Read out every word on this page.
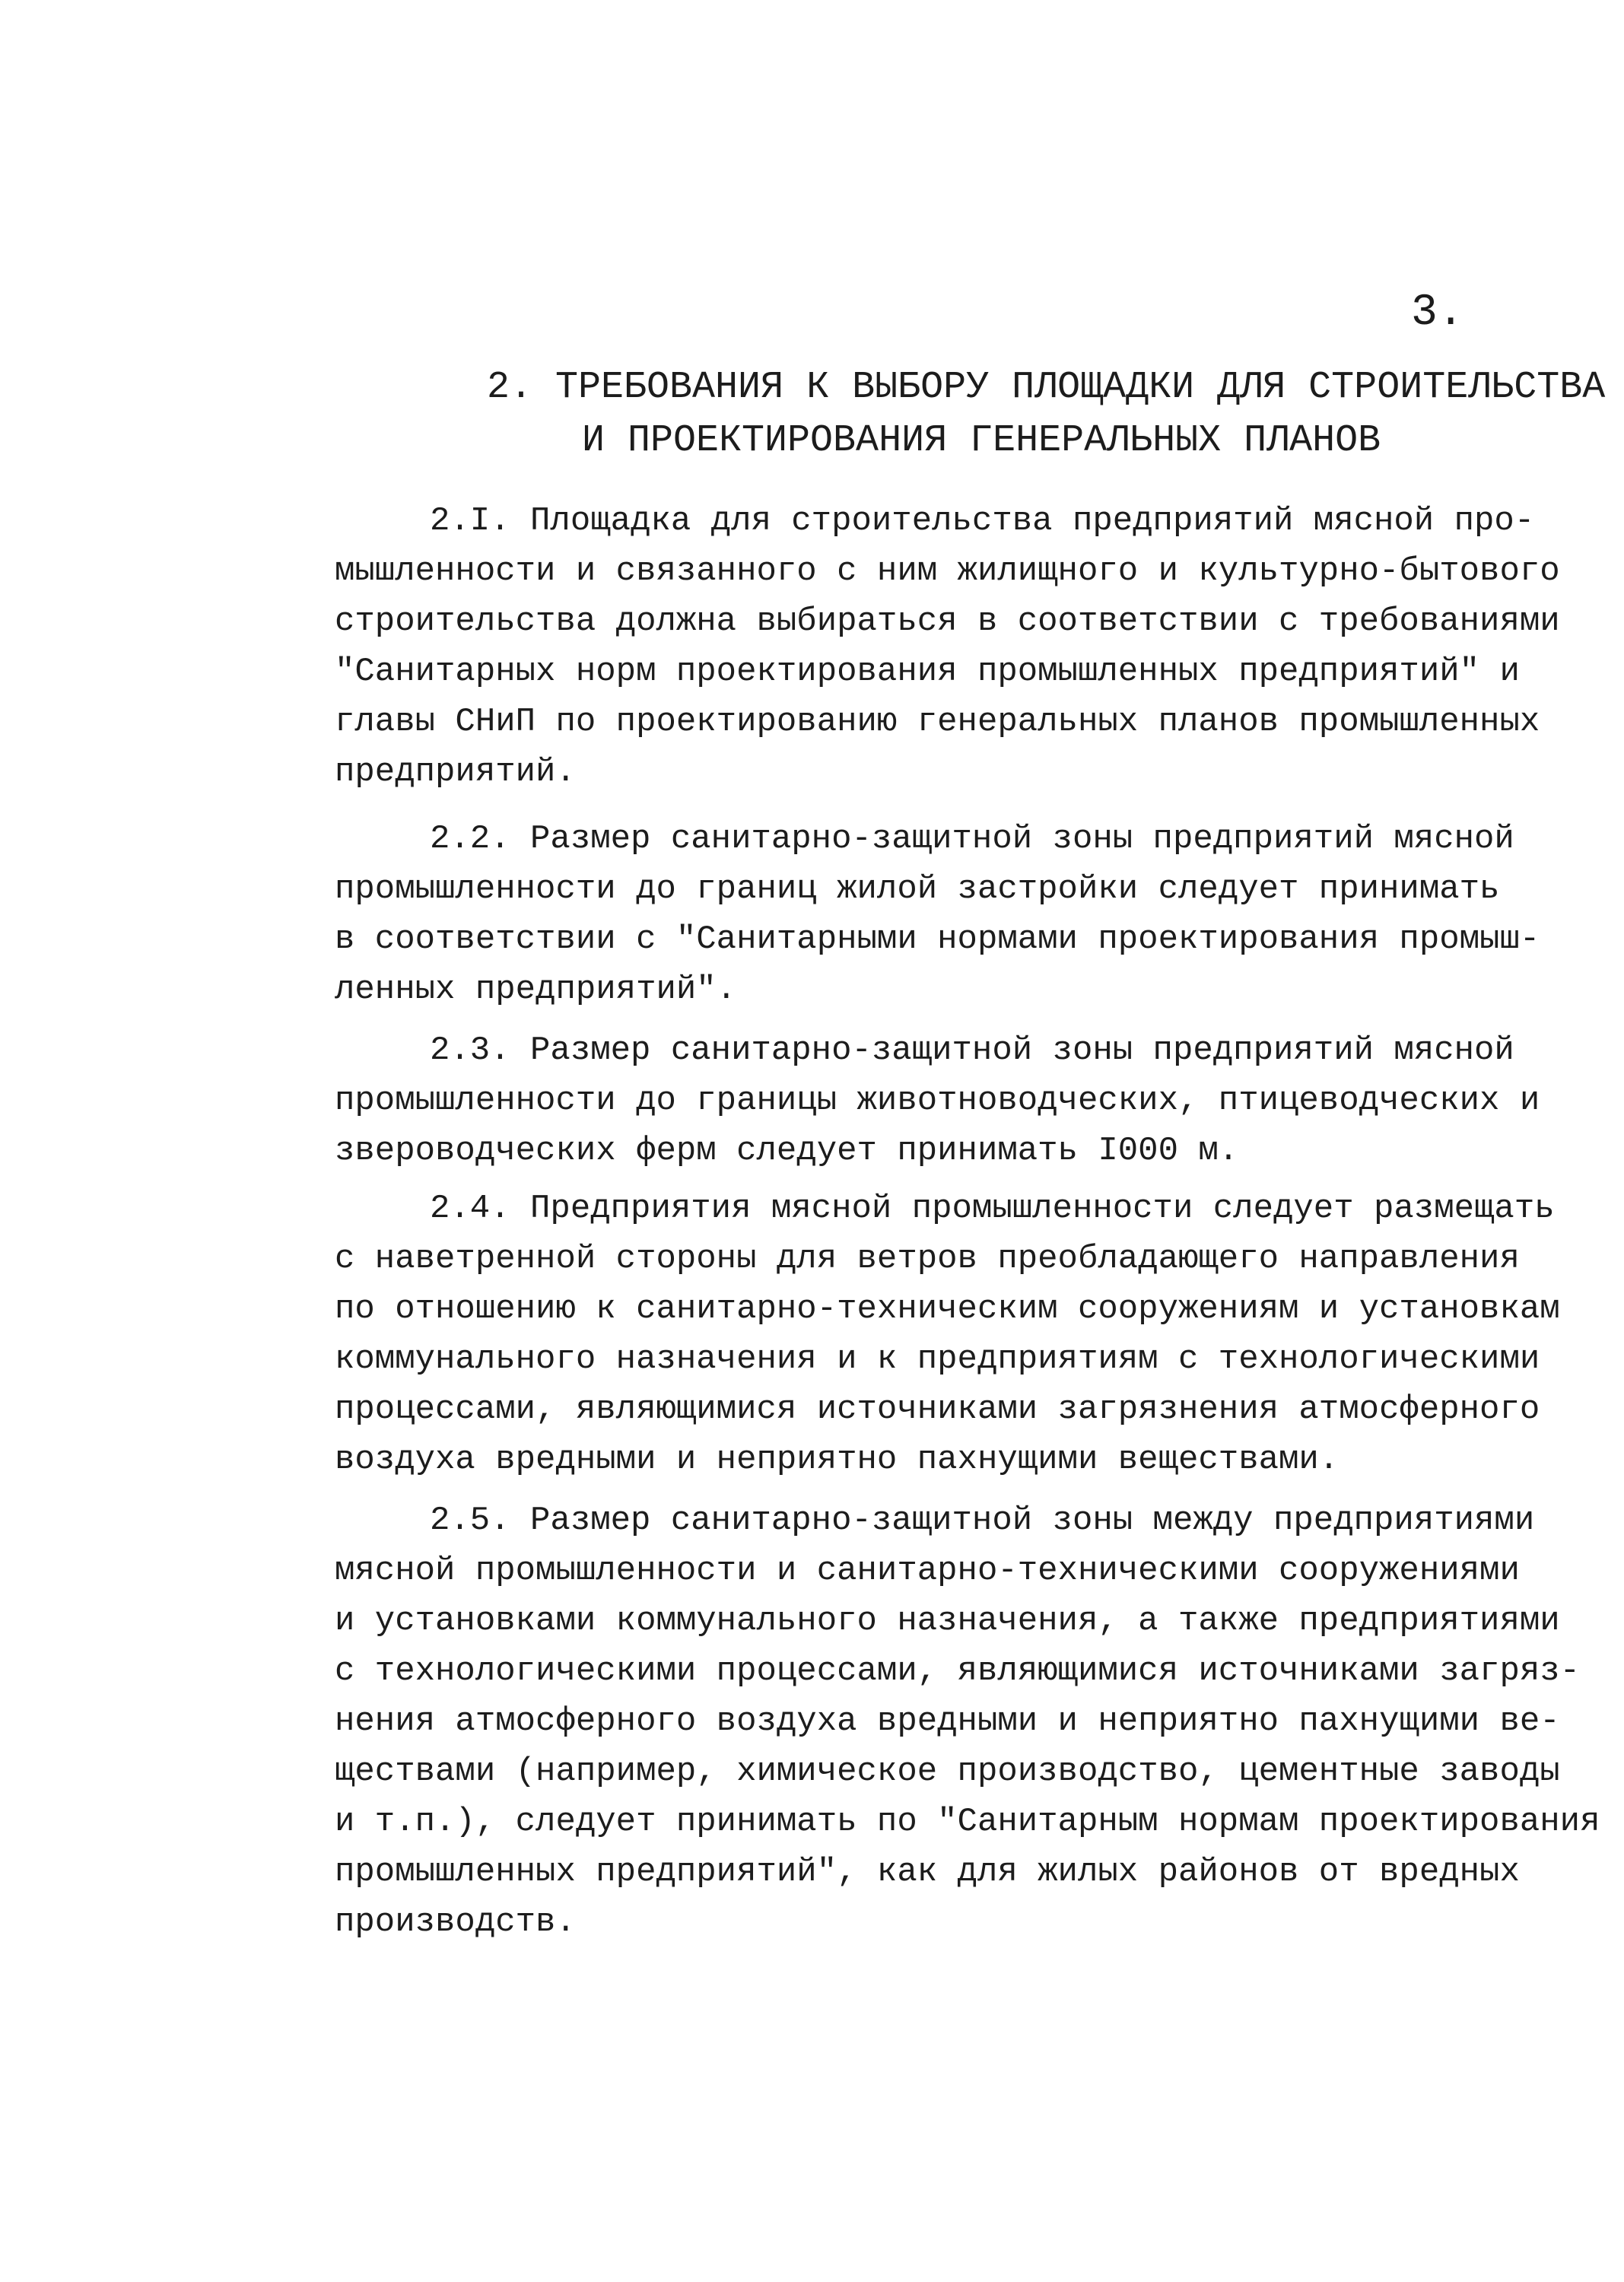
3.
2. ТРЕБОВАНИЯ К ВЫБОРУ ПЛОЩАДКИ ДЛЯ СТРОИТЕЛЬСТВА
И ПРОЕКТИРОВАНИЯ ГЕНЕРАЛЬНЫХ ПЛАНОВ
2.I. Площадка для строительства предприятий мясной про-
мышленности и связанного с ним жилищного и культурно-бытового
строительства должна выбираться в соответствии с требованиями
"Санитарных норм проектирования промышленных предприятий" и
главы СНиП по проектированию генеральных планов промышленных
предприятий.
2.2. Размер санитарно-защитной зоны предприятий мясной
промышленности до границ жилой застройки следует принимать
в соответствии с "Санитарными нормами проектирования промыш-
ленных предприятий".
2.3. Размер санитарно-защитной зоны предприятий мясной
промышленности до границы животноводческих, птицеводческих и
звероводческих ферм следует принимать I000 м.
2.4. Предприятия мясной промышленности следует размещать
с наветренной стороны для ветров преобладающего направления
по отношению к санитарно-техническим сооружениям и установкам
коммунального назначения и к предприятиям с технологическими
процессами, являющимися источниками загрязнения атмосферного
воздуха вредными и неприятно пахнущими веществами.
2.5. Размер санитарно-защитной зоны между предприятиями
мясной промышленности и санитарно-техническими сооружениями
и установками коммунального назначения, а также предприятиями
с технологическими процессами, являющимися источниками загряз-
нения атмосферного воздуха вредными и неприятно пахнущими ве-
ществами (например, химическое производство, цементные заводы
и т.п.), следует принимать по "Санитарным нормам проектирования
промышленных предприятий", как для жилых районов от вредных
производств.
